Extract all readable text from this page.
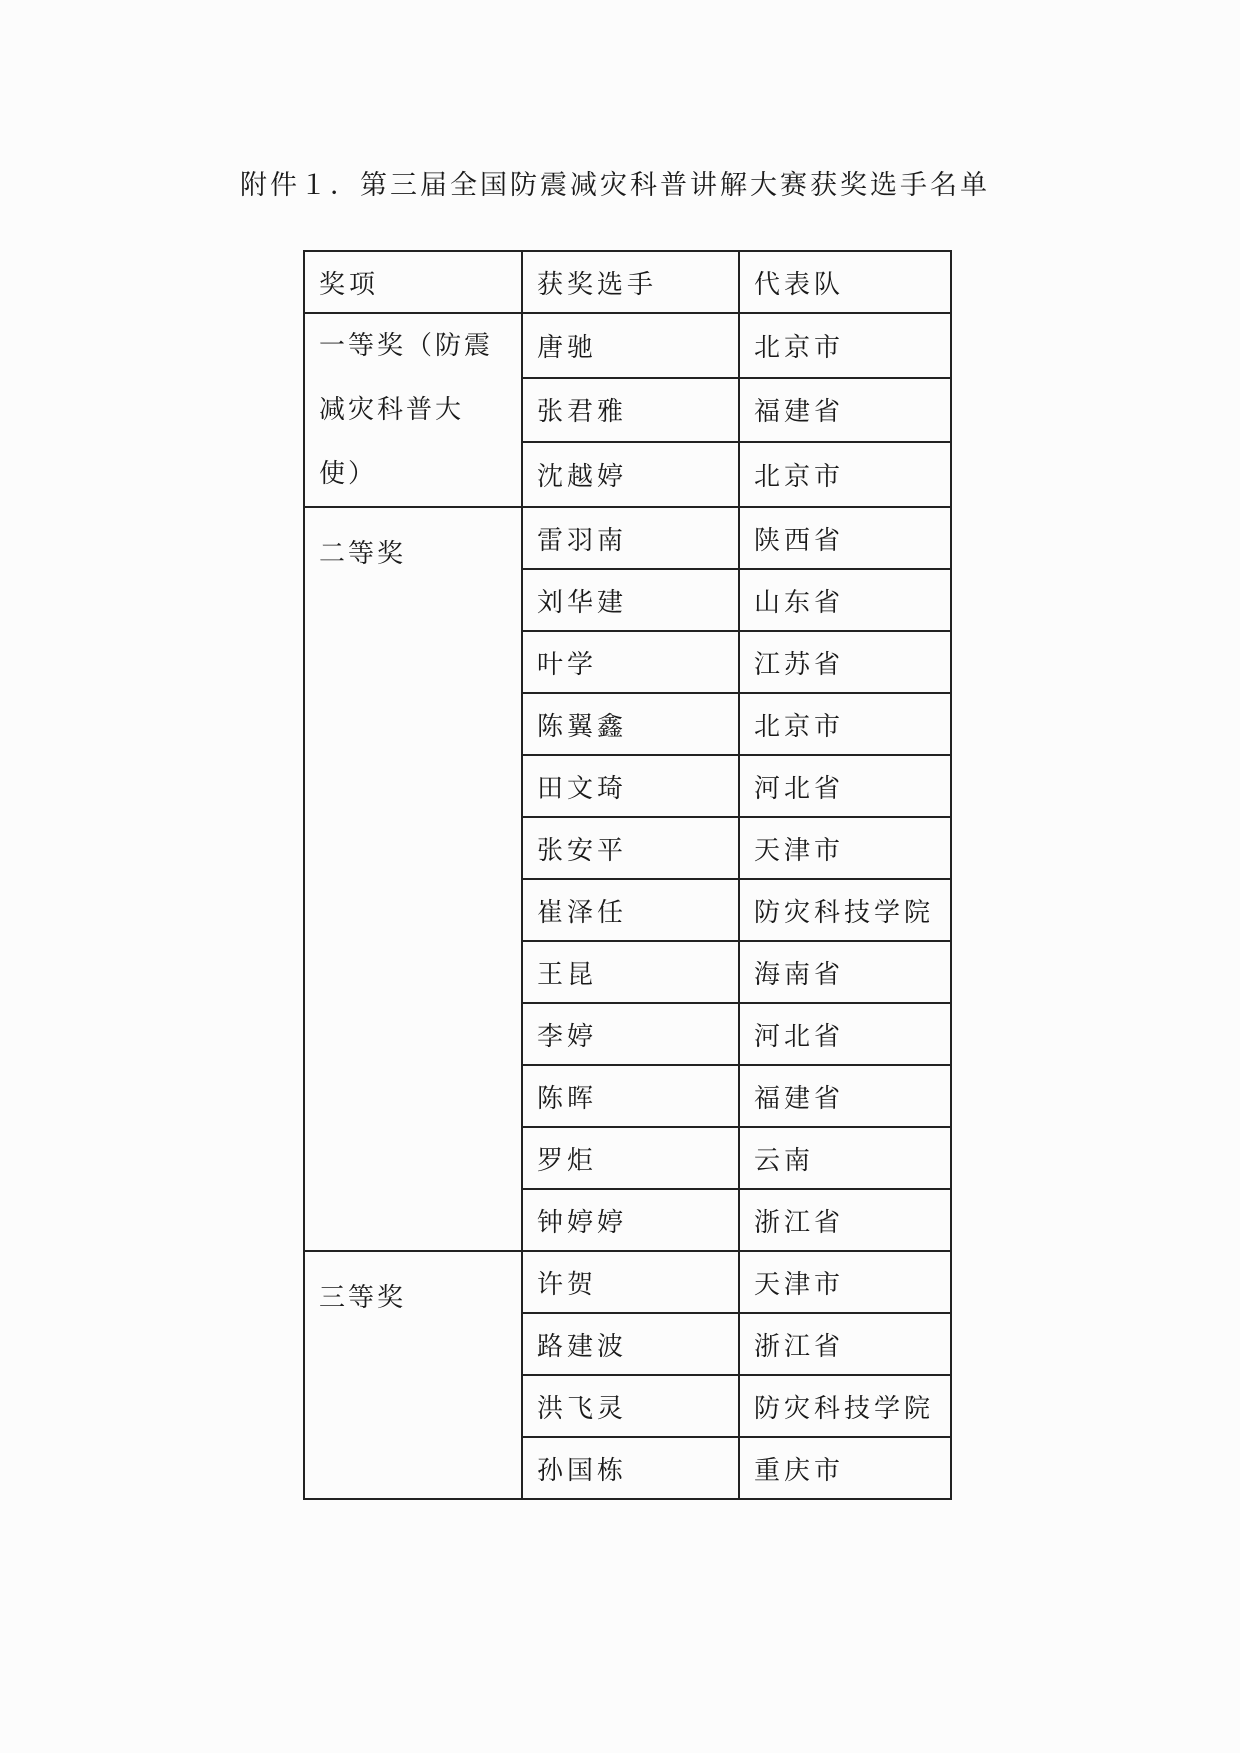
附件１．第三届全国防震减灾科普讲解大赛获奖选手名单
奖项	获奖选手	代表队
一等奖（防震减灾科普大使）	唐驰	北京市
	张君雅	福建省
	沈越婷	北京市
二等奖	雷羽南	陕西省
	刘华建	山东省
	叶学	江苏省
	陈翼鑫	北京市
	田文琦	河北省
	张安平	天津市
	崔泽任	防灾科技学院
	王昆	海南省
	李婷	河北省
	陈晖	福建省
	罗炬	云南
	钟婷婷	浙江省
三等奖	许贺	天津市
	路建波	浙江省
	洪飞灵	防灾科技学院
	孙国栋	重庆市
